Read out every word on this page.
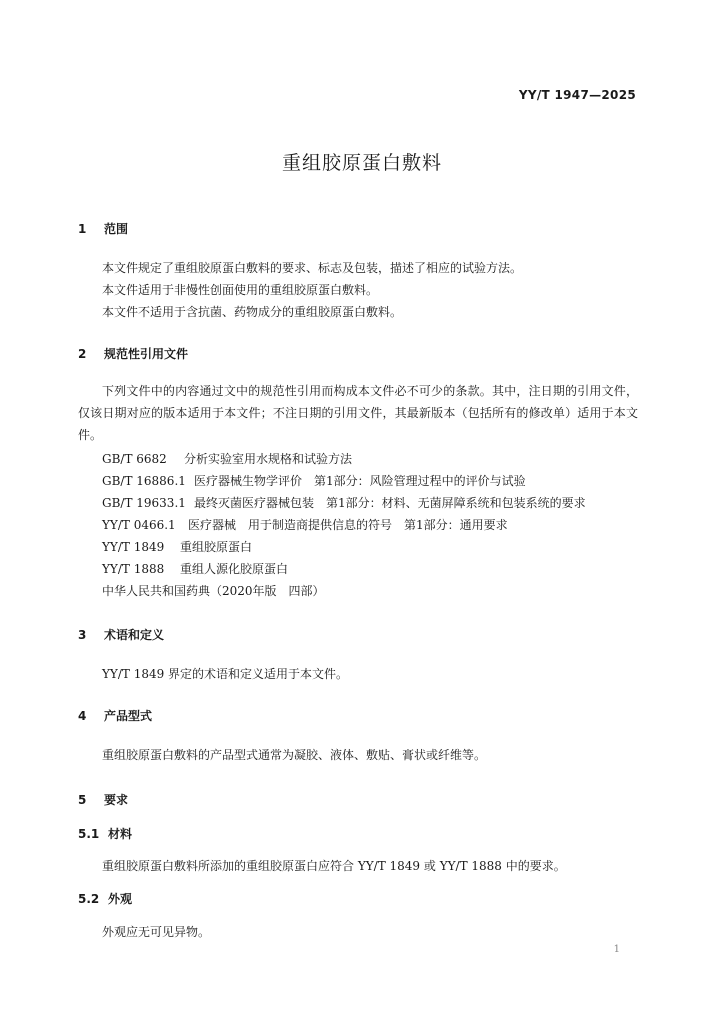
YY/T 1947—2025
重组胶原蛋白敷料
1 范围
本文件规定了重组胶原蛋白敷料的要求、标志及包装，描述了相应的试验方法。
本文件适用于非慢性创面使用的重组胶原蛋白敷料。
本文件不适用于含抗菌、药物成分的重组胶原蛋白敷料。
2 规范性引用文件
下列文件中的内容通过文中的规范性引用而构成本文件必不可少的条款。其中，注日期的引用文件，仅该日期对应的版本适用于本文件；不注日期的引用文件，其最新版本（包括所有的修改单）适用于本文件。
GB/T 6682 分析实验室用水规格和试验方法
GB/T 16886.1 医疗器械生物学评价　第1部分：风险管理过程中的评价与试验
GB/T 19633.1 最终灭菌医疗器械包装　第1部分：材料、无菌屏障系统和包装系统的要求
YY/T 0466.1 医疗器械　用于制造商提供信息的符号　第1部分：通用要求
YY/T 1849 重组胶原蛋白
YY/T 1888 重组人源化胶原蛋白
中华人民共和国药典（2020年版　四部）
3 术语和定义
YY/T 1849 界定的术语和定义适用于本文件。
4 产品型式
重组胶原蛋白敷料的产品型式通常为凝胶、液体、敷贴、膏状或纤维等。
5 要求
5.1 材料
重组胶原蛋白敷料所添加的重组胶原蛋白应符合 YY/T 1849 或 YY/T 1888 中的要求。
5.2 外观
外观应无可见异物。
1
